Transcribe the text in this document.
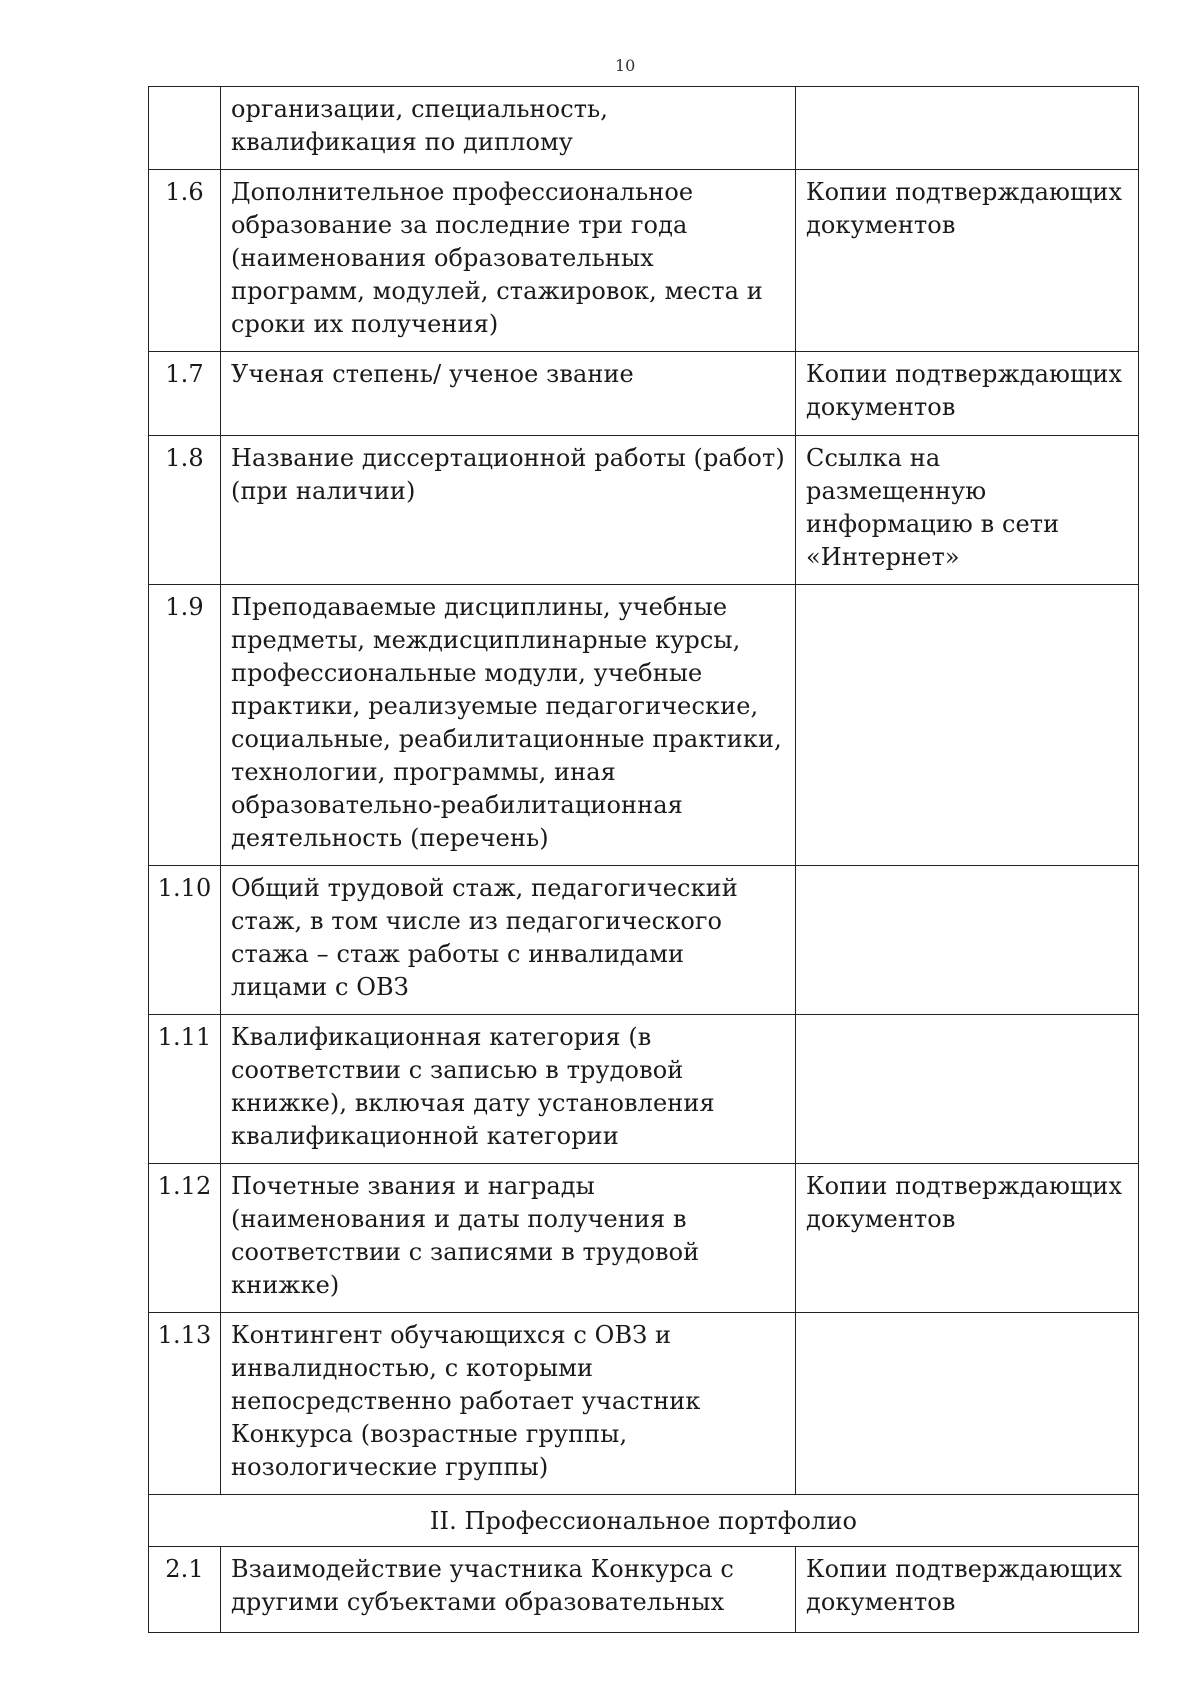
10
	организации, специальность, квалификация по диплому	
1.6	Дополнительное профессиональное образование за последние три года (наименования образовательных программ, модулей, стажировок, места и сроки их получения)	Копии подтверждающих документов
1.7	Ученая степень/ ученое звание	Копии подтверждающих документов
1.8	Название диссертационной работы (работ) (при наличии)	Ссылка на размещенную информацию в сети «Интернет»
1.9	Преподаваемые дисциплины, учебные предметы, междисциплинарные курсы, профессиональные модули, учебные практики, реализуемые педагогические, социальные, реабилитационные практики, технологии, программы, иная образовательно-реабилитационная деятельность (перечень)	
1.10	Общий трудовой стаж, педагогический стаж, в том числе из педагогического стажа – стаж работы с инвалидами лицами с ОВЗ	
1.11	Квалификационная категория (в соответствии с записью в трудовой книжке), включая дату установления квалификационной категории	
1.12	Почетные звания и награды (наименования и даты получения в соответствии с записями в трудовой книжке)	Копии подтверждающих документов
1.13	Контингент обучающихся с ОВЗ и инвалидностью, с которыми непосредственно работает участник Конкурса (возрастные группы, нозологические группы)	
II. Профессиональное портфолио		
2.1	Взаимодействие участника Конкурса с другими субъектами образовательных	Копии подтверждающих документов
